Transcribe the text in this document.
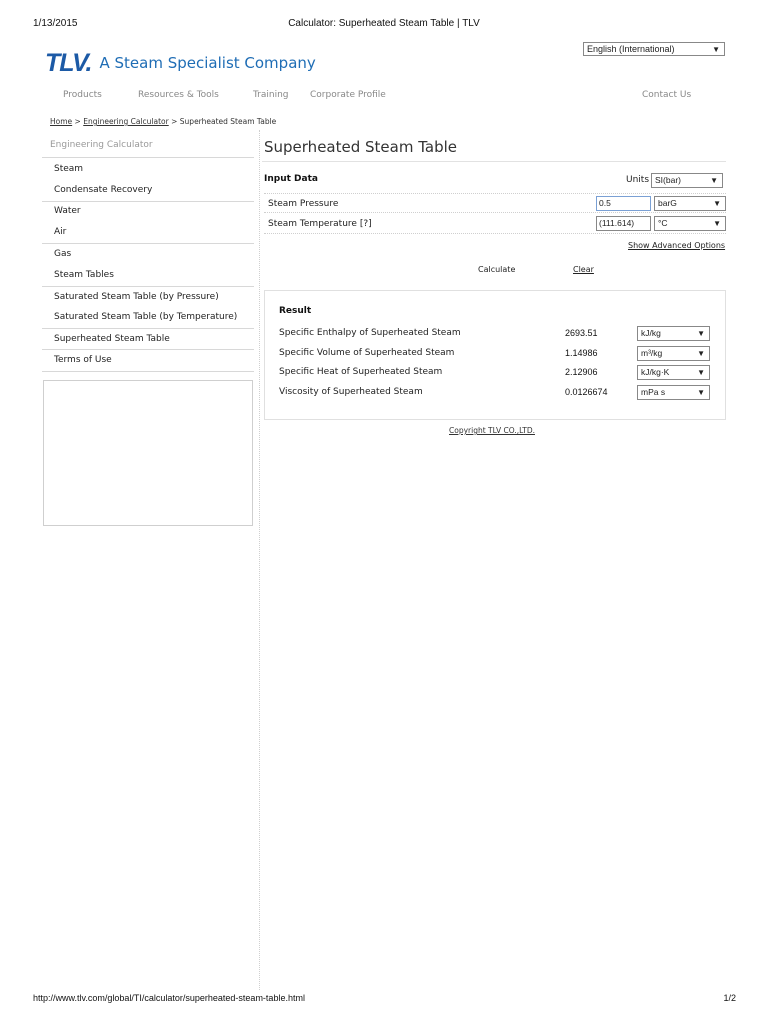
1/13/2015	Calculator: Superheated Steam Table | TLV
http://www.tlv.com/global/TI/calculator/superheated-steam-table.html	1/2
TLV. A Steam Specialist Company
English (International)	▼
Products	Resources & Tools	Training Corporate Profile	Contact Us
Home > Engineering Calculator > Superheated Steam Table
Engineering Calculator
Steam
Condensate Recovery
Water
Air
Gas
Steam Tables
Saturated Steam Table (by Pressure)
Saturated Steam Table (by Temperature)
Superheated Steam Table
Terms of Use
Superheated Steam Table
Input Data	Units SI(bar)	▼
Steam Pressure	0.5	barG	▼
Steam Temperature [?]	(111.614)	°C	▼
Show Advanced Options
Calculate	Clear
Result
Specific Enthalpy of Superheated Steam	2693.51	kJ/kg	▼
Specific Volume of Superheated Steam	1.14986	m³/kg	▼
Specific Heat of Superheated Steam	2.12906	kJ/kg·K	▼
Viscosity of Superheated Steam	0.0126674	mPa s	▼
Copyright TLV CO.,LTD.
